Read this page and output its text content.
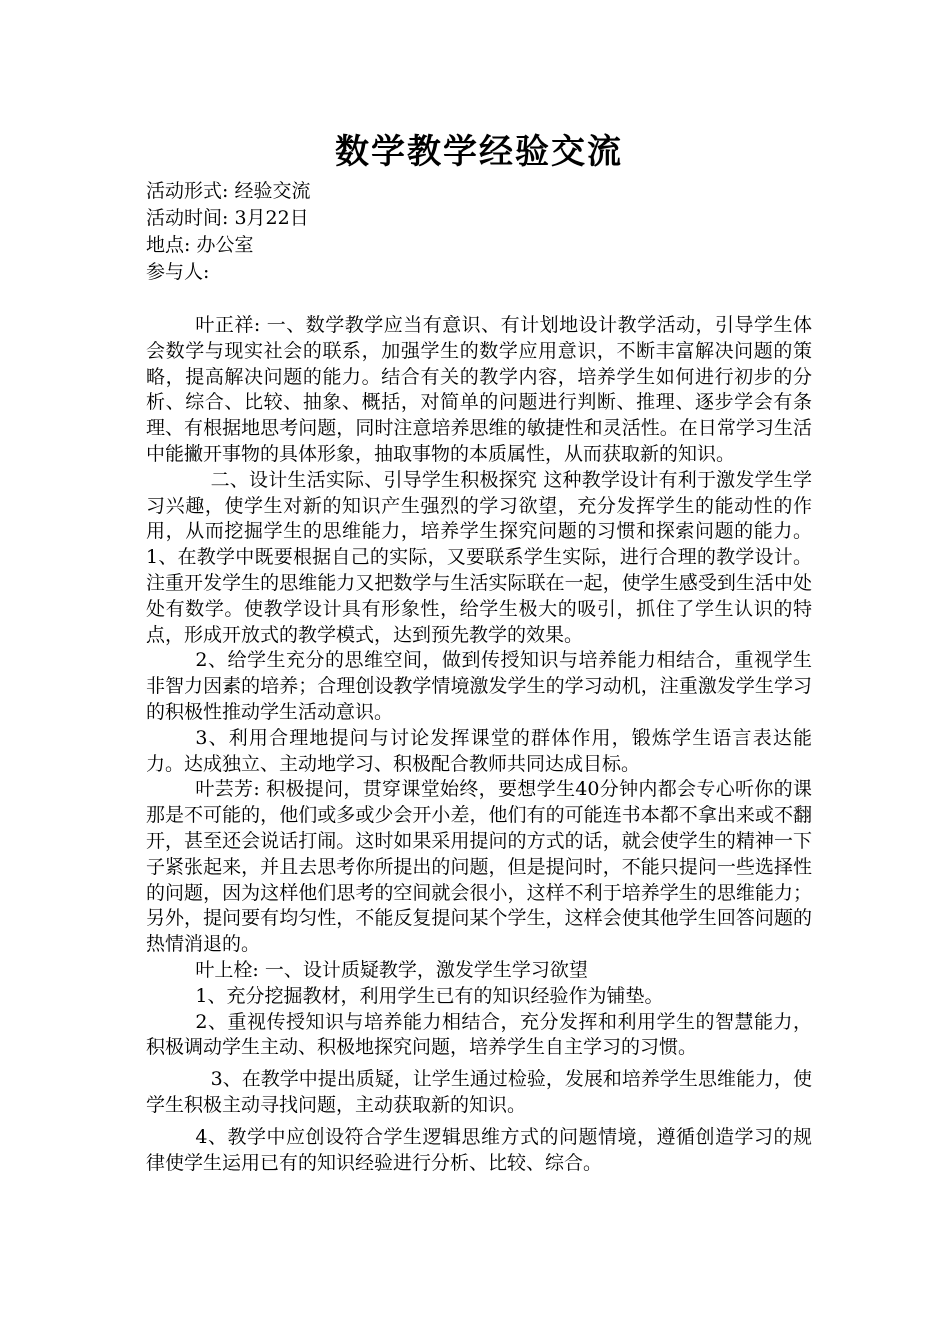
数学教学经验交流

活动形式: 经验交流

活动时间: 3月22日

地点: 办公室

参与人:

叶正祥: 一、数学教学应当有意识、有计划地设计教学活动，引导学生体会数学与现实社会的联系，加强学生的数学应用意识，不断丰富解决问题的策略，提高解决问题的能力。结合有关的教学内容，培养学生如何进行初步的分析、综合、比较、抽象、概括，对简单的问题进行判断、推理、逐步学会有条理、有根据地思考问题，同时注意培养思维的敏捷性和灵活性。在日常学习生活中能撇开事物的具体形象，抽取事物的本质属性，从而获取新的知识。

二、设计生活实际、引导学生积极探究 这种教学设计有利于激发学生学习兴趣，使学生对新的知识产生强烈的学习欲望，充分发挥学生的能动性的作用，从而挖掘学生的思维能力，培养学生探究问题的习惯和探索问题的能力。 1、在教学中既要根据自己的实际，又要联系学生实际，进行合理的教学设计。注重开发学生的思维能力又把数学与生活实际联在一起，使学生感受到生活中处处有数学。使教学设计具有形象性，给学生极大的吸引，抓住了学生认识的特点，形成开放式的教学模式，达到预先教学的效果。

2、给学生充分的思维空间，做到传授知识与培养能力相结合，重视学生非智力因素的培养；合理创设教学情境激发学生的学习动机，注重激发学生学习的积极性推动学生活动意识。

3、利用合理地提问与讨论发挥课堂的群体作用，锻炼学生语言表达能力。达成独立、主动地学习、积极配合教师共同达成目标。

叶芸芳: 积极提问，贯穿课堂始终，要想学生40分钟内都会专心听你的课那是不可能的，他们或多或少会开小差，他们有的可能连书本都不拿出来或不翻开，甚至还会说话打闹。这时如果采用提问的方式的话，就会使学生的精神一下子紧张起来，并且去思考你所提出的问题，但是提问时，不能只提问一些选择性的问题，因为这样他们思考的空间就会很小，这样不利于培养学生的思维能力；另外，提问要有均匀性，不能反复提问某个学生，这样会使其他学生回答问题的热情消退的。

叶上栓: 一、设计质疑教学，激发学生学习欲望

1、充分挖掘教材，利用学生已有的知识经验作为铺垫。

2、重视传授知识与培养能力相结合，充分发挥和利用学生的智慧能力，积极调动学生主动、积极地探究问题，培养学生自主学习的习惯。

3、在教学中提出质疑，让学生通过检验，发展和培养学生思维能力，使学生积极主动寻找问题，主动获取新的知识。

4、教学中应创设符合学生逻辑思维方式的问题情境，遵循创造学习的规律使学生运用已有的知识经验进行分析、比较、综合。
